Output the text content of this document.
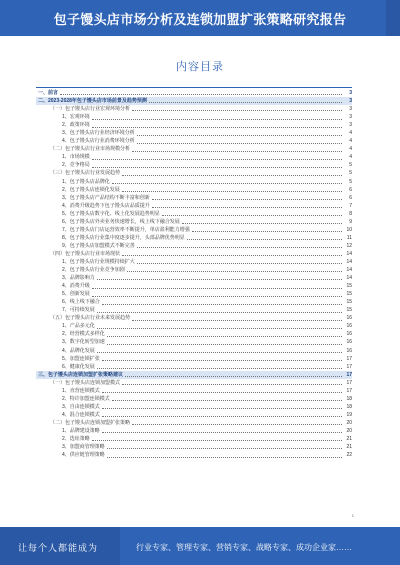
包子馒头店市场分析及连锁加盟扩张策略研究报告
内容目录
一、前言	3
二、2023-2028年包子馒头店市场前景及趋势预测	3
（一）包子馒头店行业宏观环境分析	3
1、宏观环境	3
2、政策环境	3
3、包子馒头店行业经济环境分析	4
4、包子馒头店行业消费环境分析	4
（二）包子馒头店行业市场规模分析	4
1、市场规模	4
2、竞争格局	5
（三）包子馒头店行业发展趋势	5
1、包子馒头店品牌化	5
2、包子馒头店连锁化发展	6
3、包子馒头店产品结构不断丰富和创新	6
4、消费升级趋势下包子馒头店品质提升	7
5、包子馒头店数字化、线上化发展趋势明显	8
6、包子馒头店外卖业务快速增长，线上线下融合发展	9
7、包子馒头店门店运营效率不断提升，单店盈利能力增强	10
8、包子馒头店行业集中度逐步提升，头部品牌优势明显	11
9、包子馒头店加盟模式不断完善	12
（四）包子馒头店行业市场现状	14
1、包子馒头店行业规模持续扩大	14
2、包子馒头店行业竞争加剧	14
3、品牌影响力	14
4、消费升级	15
5、创新发展	15
6、线上线下融合	15
7、可持续发展	15
（五）包子馒头店行业未来发展趋势	16
1、产品多元化	16
2、经营模式多样化	16
3、数字化转型加速	16
4、品牌化发展	16
5、加盟连锁扩张	17
6、健康化发展	17
三、包子馒头店连锁加盟扩张策略建议	17
（一）包子馒头店连锁加盟模式	17
1、直营连锁模式	17
2、特许加盟连锁模式	18
3、自由连锁模式	18
4、混合连锁模式	19
（二）包子馒头店连锁加盟扩张策略	20
1、品牌建设策略	20
2、选址策略	21
3、加盟商管理策略	21
4、供应链管理策略	22
1
让每个人都能成为	行业专家、管理专家、营销专家、战略专家、成功企业家……
